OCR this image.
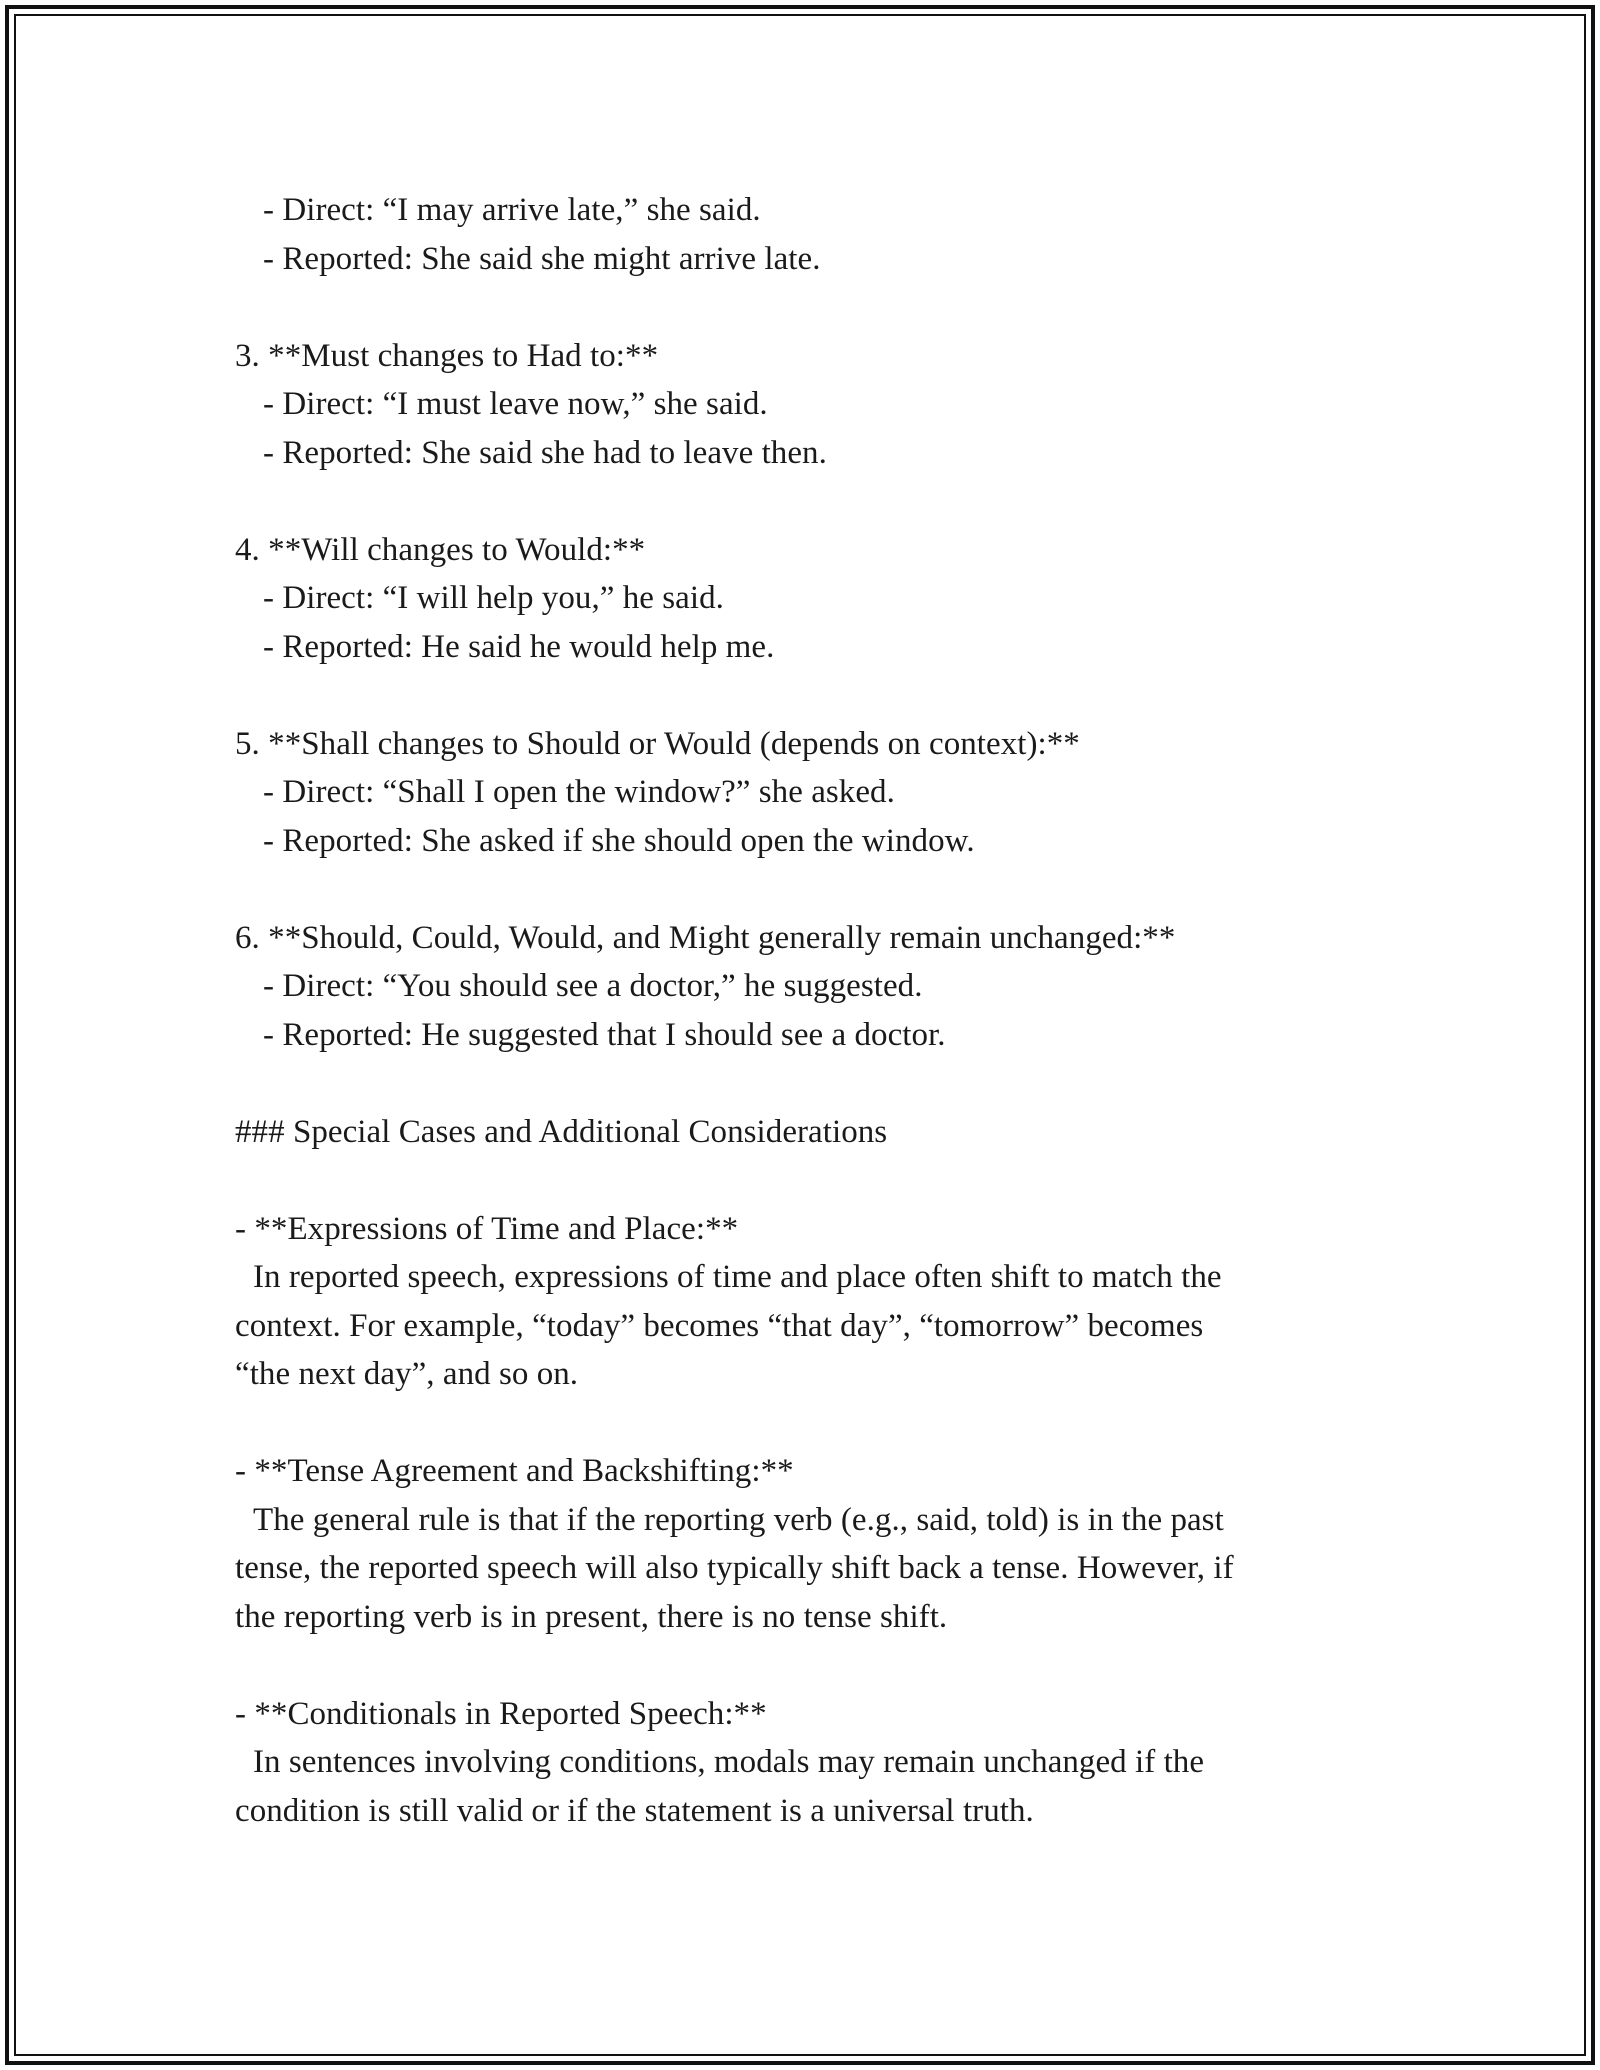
- Direct: “I may arrive late,” she said.
- Reported: She said she might arrive late.
3. **Must changes to Had to:**
- Direct: “I must leave now,” she said.
- Reported: She said she had to leave then.
4. **Will changes to Would:**
- Direct: “I will help you,” he said.
- Reported: He said he would help me.
5. **Shall changes to Should or Would (depends on context):**
- Direct: “Shall I open the window?” she asked.
- Reported: She asked if she should open the window.
6. **Should, Could, Would, and Might generally remain unchanged:**
- Direct: “You should see a doctor,” he suggested.
- Reported: He suggested that I should see a doctor.
### Special Cases and Additional Considerations
- **Expressions of Time and Place:**
In reported speech, expressions of time and place often shift to match the
context. For example, “today” becomes “that day”, “tomorrow” becomes
“the next day”, and so on.
- **Tense Agreement and Backshifting:**
The general rule is that if the reporting verb (e.g., said, told) is in the past
tense, the reported speech will also typically shift back a tense. However, if
the reporting verb is in present, there is no tense shift.
- **Conditionals in Reported Speech:**
In sentences involving conditions, modals may remain unchanged if the
condition is still valid or if the statement is a universal truth.
